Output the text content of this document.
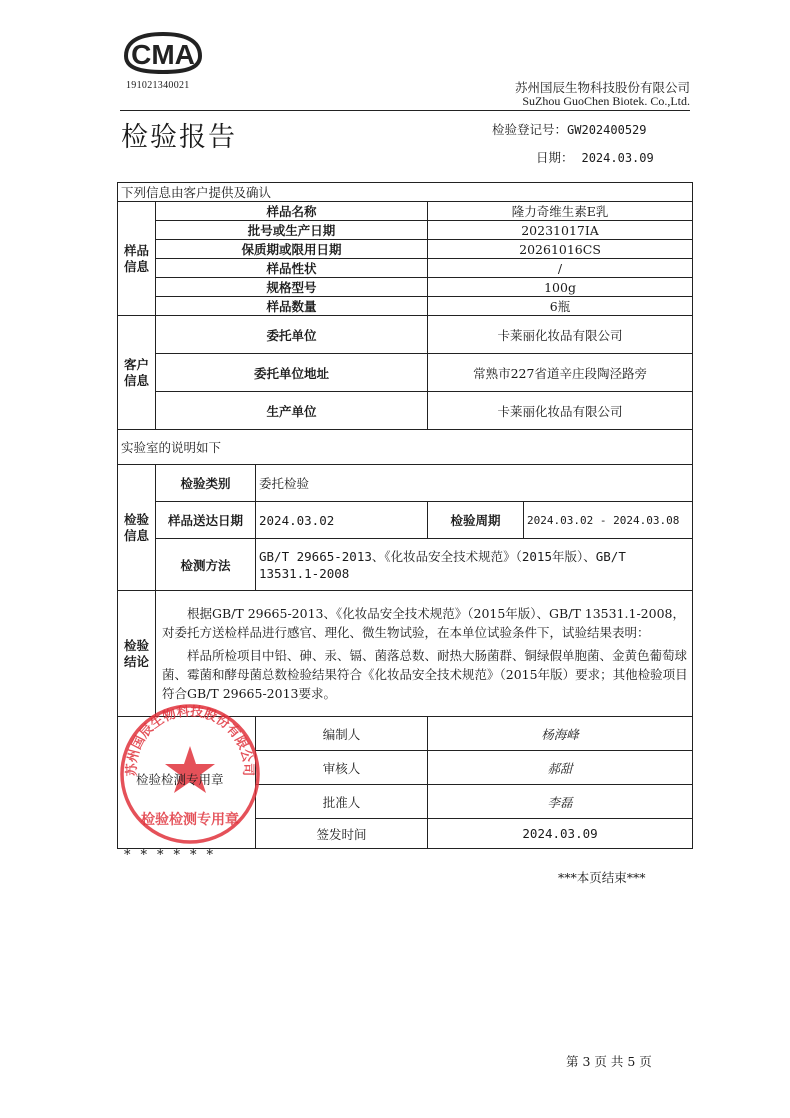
CMA
191021340021	苏州国辰生物科技股份有限公司
SuZhou GuoChen Biotek. Co.,Ltd.
检验报告	检验登记号：GW202400529
日期： 2024.03.09
下列信息由客户提供及确认				
样品信息	样品名称		隆力奇维生素E乳	
	批号或生产日期		20231017IA	
	保质期或限用日期		20261016CS	
	样品性状		/	
	规格型号		100g	
	样品数量		6瓶	
客户信息	委托单位		卡莱丽化妆品有限公司	
	委托单位地址		常熟市227省道辛庄段陶泾路旁	
	生产单位		卡莱丽化妆品有限公司	
实验室的说明如下				
检验信息	检验类别	委托检验		
	样品送达日期	2024.03.02	检验周期	2024.03.02 - 2024.03.08
	检测方法	GB/T 29665-2013、《化妆品安全技术规范》（2015年版）、GB/T 13531.1-2008		
检验结论	根据GB/T 29665-2013、《化妆品安全技术规范》（2015年版）、GB/T 13531.1-2008，对委托方送检样品进行感官、理化、微生物试验，在本单位试验条件下，试验结果表明：
样品所检项目中铅、砷、汞、镉、菌落总数、耐热大肠菌群、铜绿假单胞菌、金黄色葡萄球菌、霉菌和酵母菌总数检验结果符合《化妆品安全技术规范》（2015年版）要求；其他检验项目符合GB/T 29665-2013要求。			

		编制人	杨海峰	
		审核人	郝甜	
		批准人	李磊	
		签发时间	2024.03.09	
苏州国辰生物科技股份有限公司
检验检测专用章
检验检测专用章
******
***本页结束***
第 3 页 共 5 页
